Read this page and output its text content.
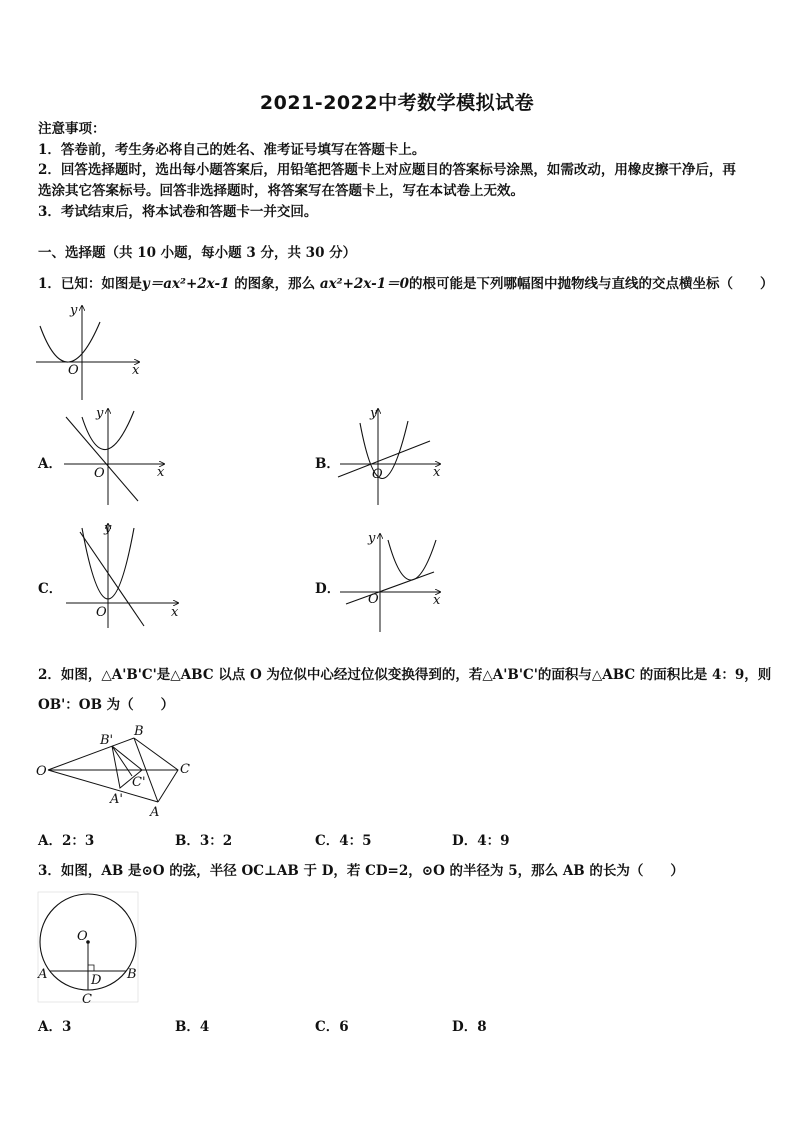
2021-2022中考数学模拟试卷
注意事项：
1．答卷前，考生务必将自己的姓名、准考证号填写在答题卡上。
2．回答选择题时，选出每小题答案后，用铅笔把答题卡上对应题目的答案标号涂黑，如需改动，用橡皮擦干净后，再
选涂其它答案标号。回答非选择题时，将答案写在答题卡上，写在本试卷上无效。
3．考试结束后，将本试卷和答题卡一并交回。
一、选择题（共 10 小题，每小题 3 分，共 30 分）
1．已知：如图是y＝ax²+2x-1 的图象，那么 ax²+2x-1＝0的根可能是下列哪幅图中抛物线与直线的交点横坐标（　　）
x
y
O
A．
x
y
O
B．
x
y
O
C．
x
y
O
D．
x
y
O
2．如图，△A'B'C'是△ABC 以点 O 为位似中心经过位似变换得到的，若△A'B'C'的面积与△ABC 的面积比是 4：9，则
OB'：OB 为（　　）
O
B'
B
C'
C
A'
A
A．2：3	B．3：2	C．4：5	D．4：9
3．如图，AB 是⊙O 的弦，半径 OC⊥AB 于 D，若 CD=2，⊙O 的半径为 5，那么 AB 的长为（　　）
O
A	B
D
C
A．3	B．4	C．6	D．8
